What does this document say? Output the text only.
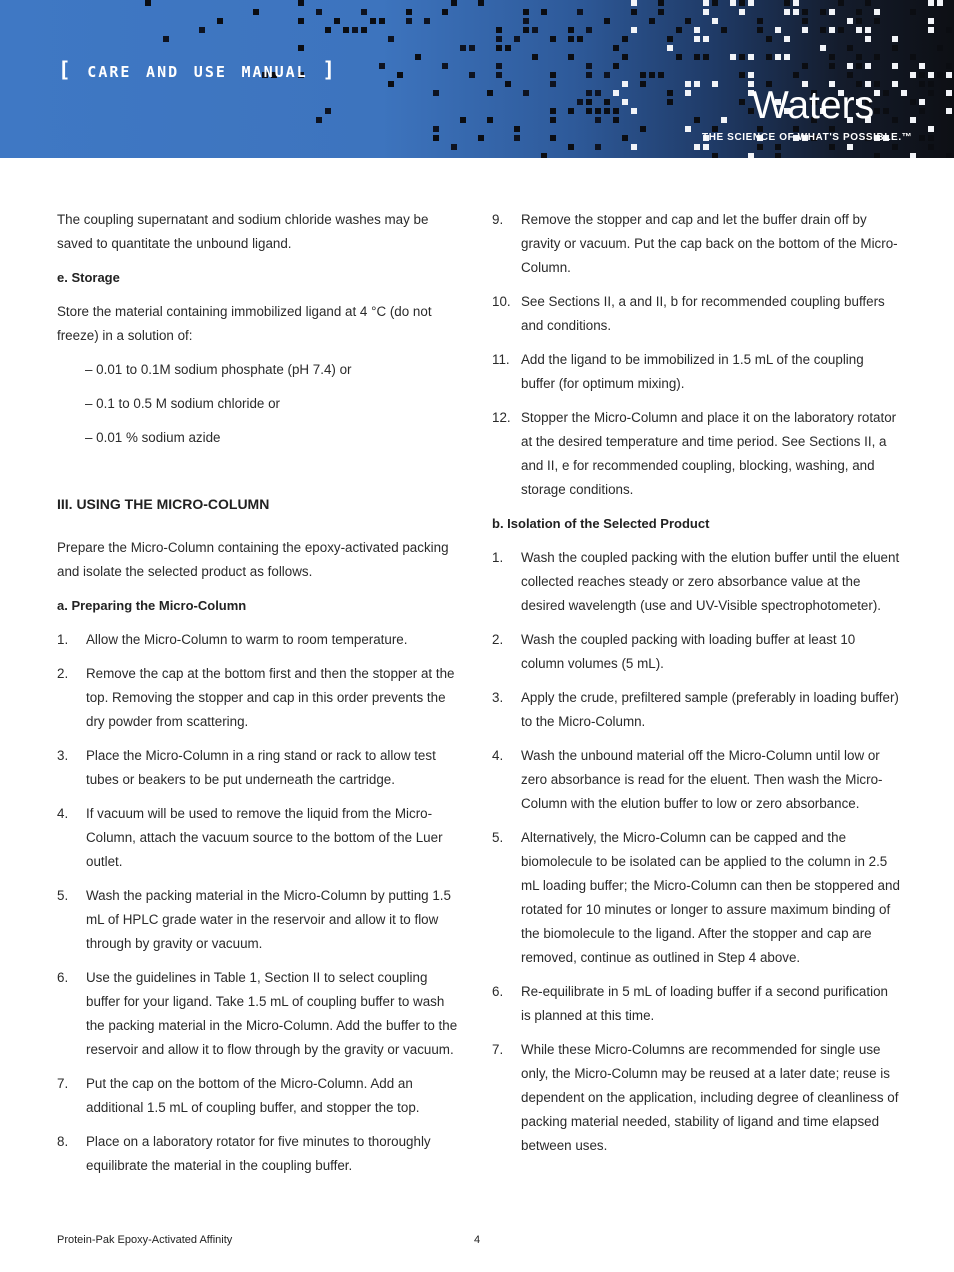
[ care and use manual ]
Waters
THE SCIENCE OF WHAT'S POSSIBLE.™

The coupling supernatant and sodium chloride washes may be saved to quantitate the unbound ligand.

e. Storage

Store the material containing immobilized ligand at 4 °C (do not freeze) in a solution of:

– 0.01 to 0.1M sodium phosphate (pH 7.4) or

– 0.1 to 0.5 M sodium chloride or

– 0.01 % sodium azide

III. USING THE MICRO-COLUMN

Prepare the Micro-Column containing the epoxy-activated packing and isolate the selected product as follows.

a. Preparing the Micro-Column

1. Allow the Micro-Column to warm to room temperature.
2. Remove the cap at the bottom first and then the stopper at the top. Removing the stopper and cap in this order prevents the dry powder from scattering.
3. Place the Micro-Column in a ring stand or rack to allow test tubes or beakers to be put underneath the cartridge.
4. If vacuum will be used to remove the liquid from the Micro-Column, attach the vacuum source to the bottom of the Luer outlet.
5. Wash the packing material in the Micro-Column by putting 1.5 mL of HPLC grade water in the reservoir and allow it to flow through by gravity or vacuum.
6. Use the guidelines in Table 1, Section II to select coupling buffer for your ligand. Take 1.5 mL of coupling buffer to wash the packing material in the Micro-Column. Add the buffer to the reservoir and allow it to flow through by the gravity or vacuum.
7. Put the cap on the bottom of the Micro-Column. Add an additional 1.5 mL of coupling buffer, and stopper the top.
8. Place on a laboratory rotator for five minutes to thoroughly equilibrate the material in the coupling buffer.
9. Remove the stopper and cap and let the buffer drain off by gravity or vacuum. Put the cap back on the bottom of the Micro-Column.
10. See Sections II, a and II, b for recommended coupling buffers and conditions.
11. Add the ligand to be immobilized in 1.5 mL of the coupling buffer (for optimum mixing).
12. Stopper the Micro-Column and place it on the laboratory rotator at the desired temperature and time period. See Sections II, a and II, e for recommended coupling, blocking, washing, and storage conditions.

b. Isolation of the Selected Product

1. Wash the coupled packing with the elution buffer until the eluent collected reaches steady or zero absorbance value at the desired wavelength (use and UV-Visible spectrophotometer).
2. Wash the coupled packing with loading buffer at least 10 column volumes (5 mL).
3. Apply the crude, prefiltered sample (preferably in loading buffer) to the Micro-Column.
4. Wash the unbound material off the Micro-Column until low or zero absorbance is read for the eluent. Then wash the Micro-Column with the elution buffer to low or zero absorbance.
5. Alternatively, the Micro-Column can be capped and the biomolecule to be isolated can be applied to the column in 2.5 mL loading buffer; the Micro-Column can then be stoppered and rotated for 10 minutes or longer to assure maximum binding of the biomolecule to the ligand. After the stopper and cap are removed, continue as outlined in Step 4 above.
6. Re-equilibrate in 5 mL of loading buffer if a second purification is planned at this time.
7. While these Micro-Columns are recommended for single use only, the Micro-Column may be reused at a later date; reuse is dependent on the application, including degree of cleanliness of packing material needed, stability of ligand and time elapsed between uses.
Protein-Pak Epoxy-Activated Affinity	4
